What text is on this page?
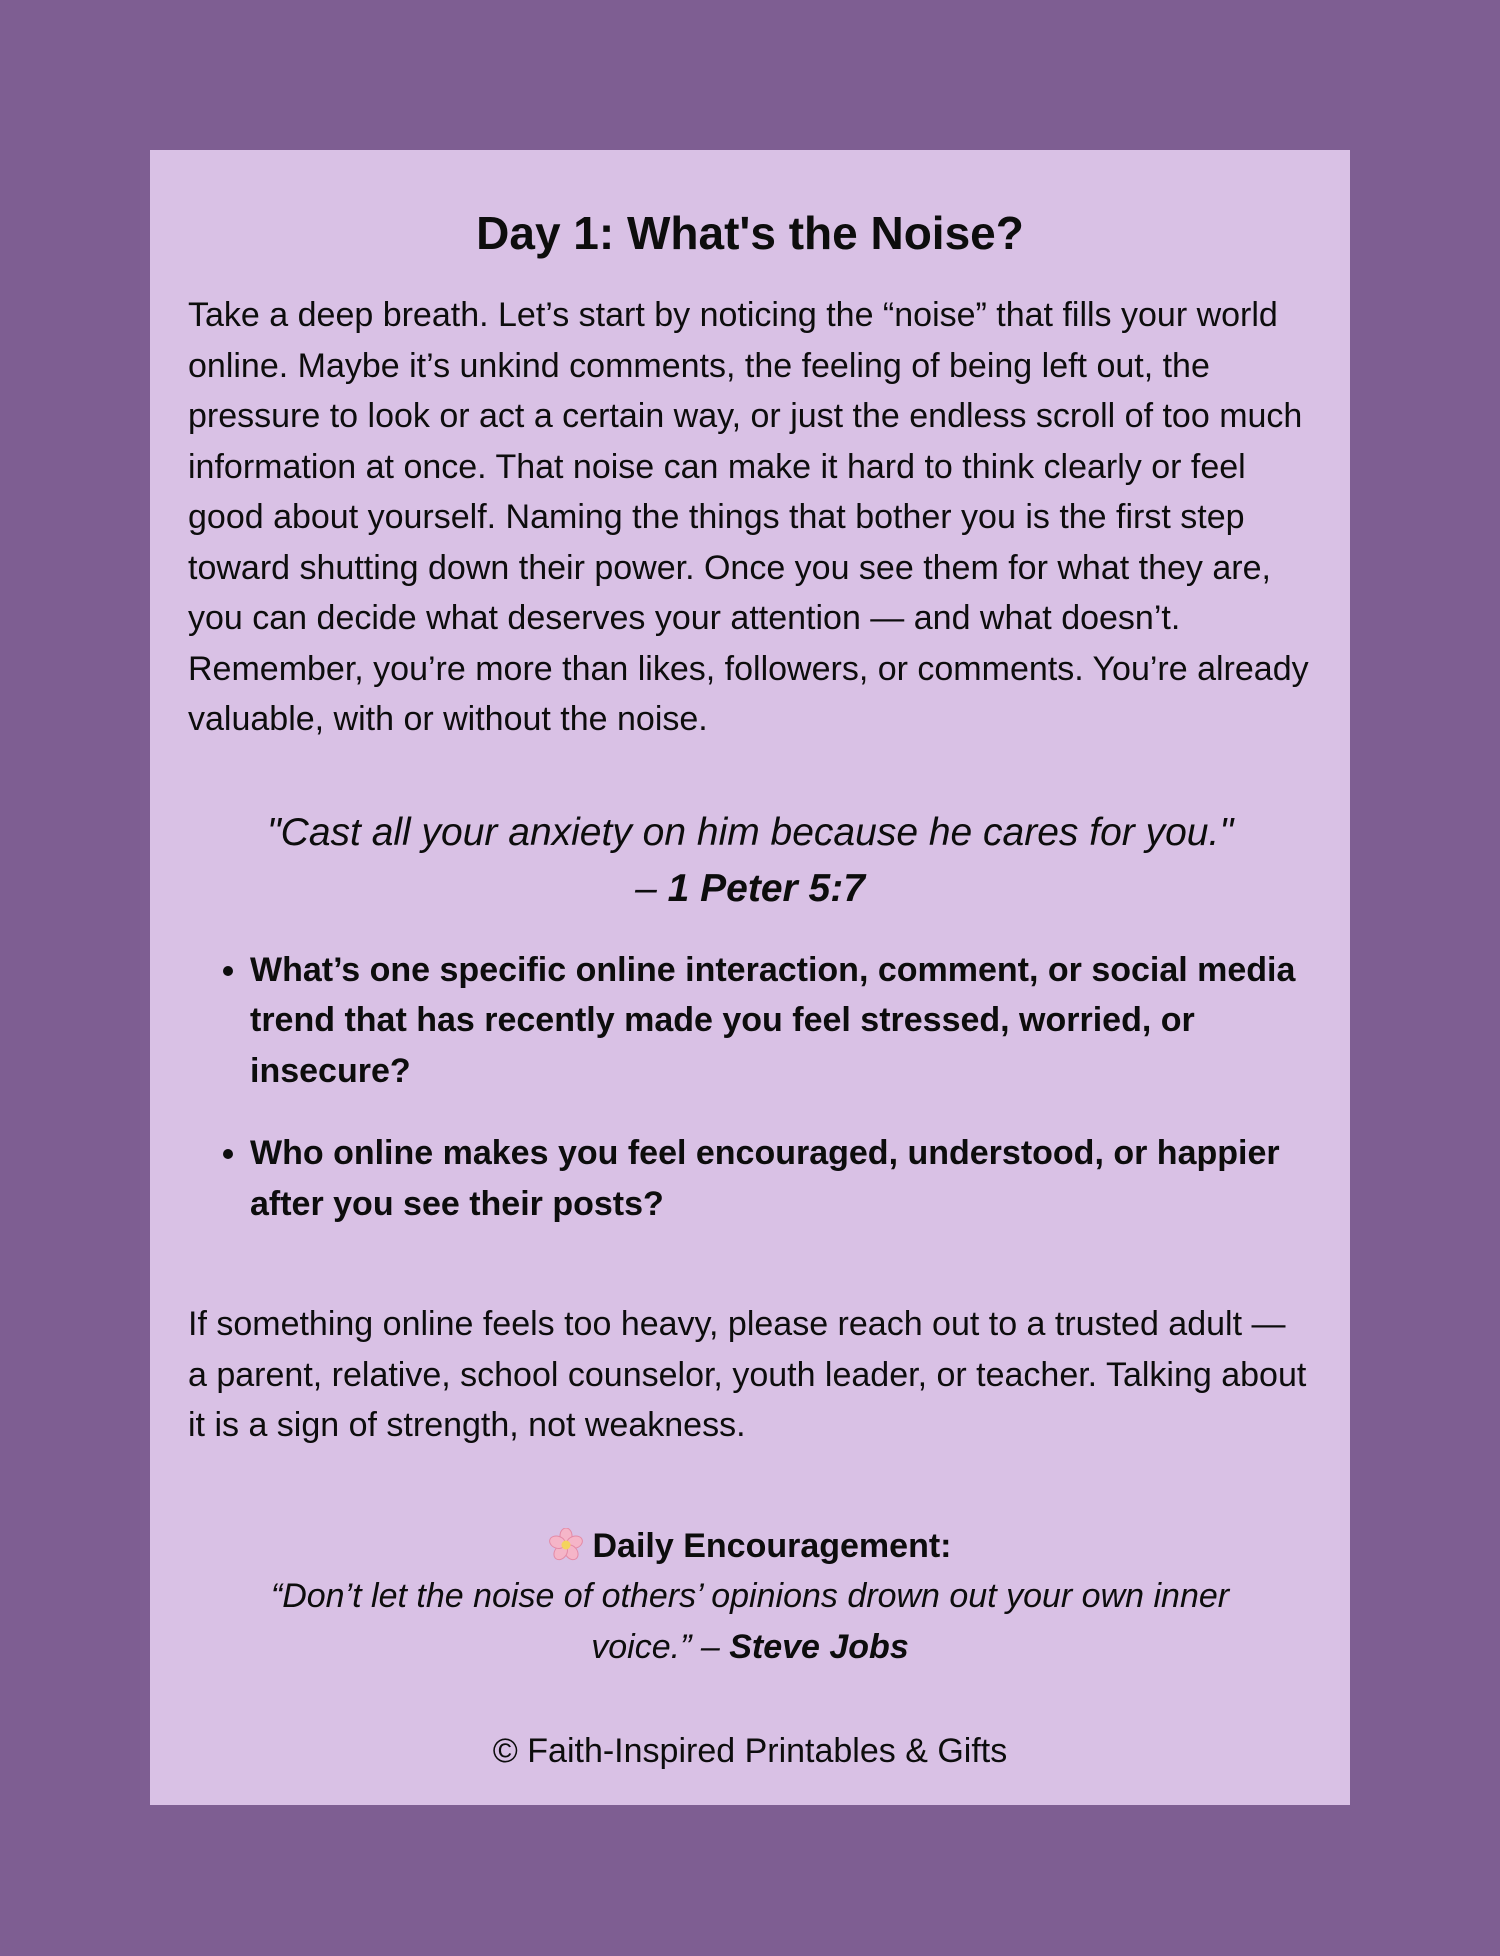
Day 1: What's the Noise?

Take a deep breath. Let’s start by noticing the “noise” that fills your world online. Maybe it’s unkind comments, the feeling of being left out, the pressure to look or act a certain way, or just the endless scroll of too much information at once. That noise can make it hard to think clearly or feel good about yourself. Naming the things that bother you is the first step toward shutting down their power. Once you see them for what they are, you can decide what deserves your attention — and what doesn’t. Remember, you’re more than likes, followers, or comments. You’re already valuable, with or without the noise.

"Cast all your anxiety on him because he cares for you."
– 1 Peter 5:7
• What’s one specific online interaction, comment, or social media trend that has recently made you feel stressed, worried, or insecure?
• Who online makes you feel encouraged, understood, or happier after you see their posts?

If something online feels too heavy, please reach out to a trusted adult — a parent, relative, school counselor, youth leader, or teacher. Talking about it is a sign of strength, not weakness.

Daily Encouragement:
“Don’t let the noise of others’ opinions drown out your own inner voice.” – Steve Jobs
© Faith-Inspired Printables & Gifts
